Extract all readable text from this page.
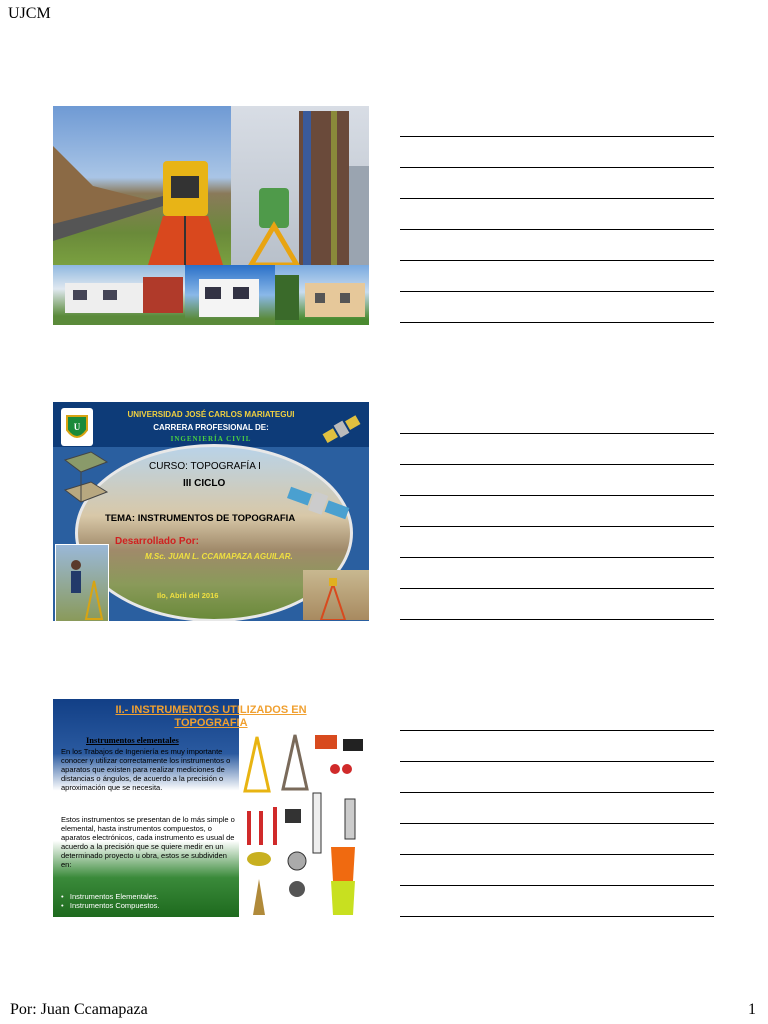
UJCM
U
UNIVERSIDAD JOSÉ CARLOS MARIATEGUI
CARRERA PROFESIONAL DE:
INGENIERÍA CIVIL
CURSO: TOPOGRAFÍA I
III CICLO
TEMA: INSTRUMENTOS DE TOPOGRAFIA
Desarrollado Por:
M.Sc. JUAN L. CCAMAPAZA AGUILAR.
Ilo, Abril del 2016
II.- INSTRUMENTOS UTILIZADOS EN TOPOGRAFIA
Instrumentos elementales
En los Trabajos de Ingeniería es muy importante conocer y utilizar correctamente los instrumentos o aparatos que existen para realizar mediciones de distancias o ángulos, de acuerdo a la precisión o aproximación que se necesita.
Estos instrumentos se presentan de lo más simple o elemental, hasta instrumentos compuestos, o aparatos electrónicos, cada instrumento es usual de acuerdo a la precisión que se quiere medir en un determinado proyecto u obra, estos se subdividen en:
•   Instrumentos Elementales.
•   Instrumentos Compuestos.
Por: Juan Ccamapaza	1
